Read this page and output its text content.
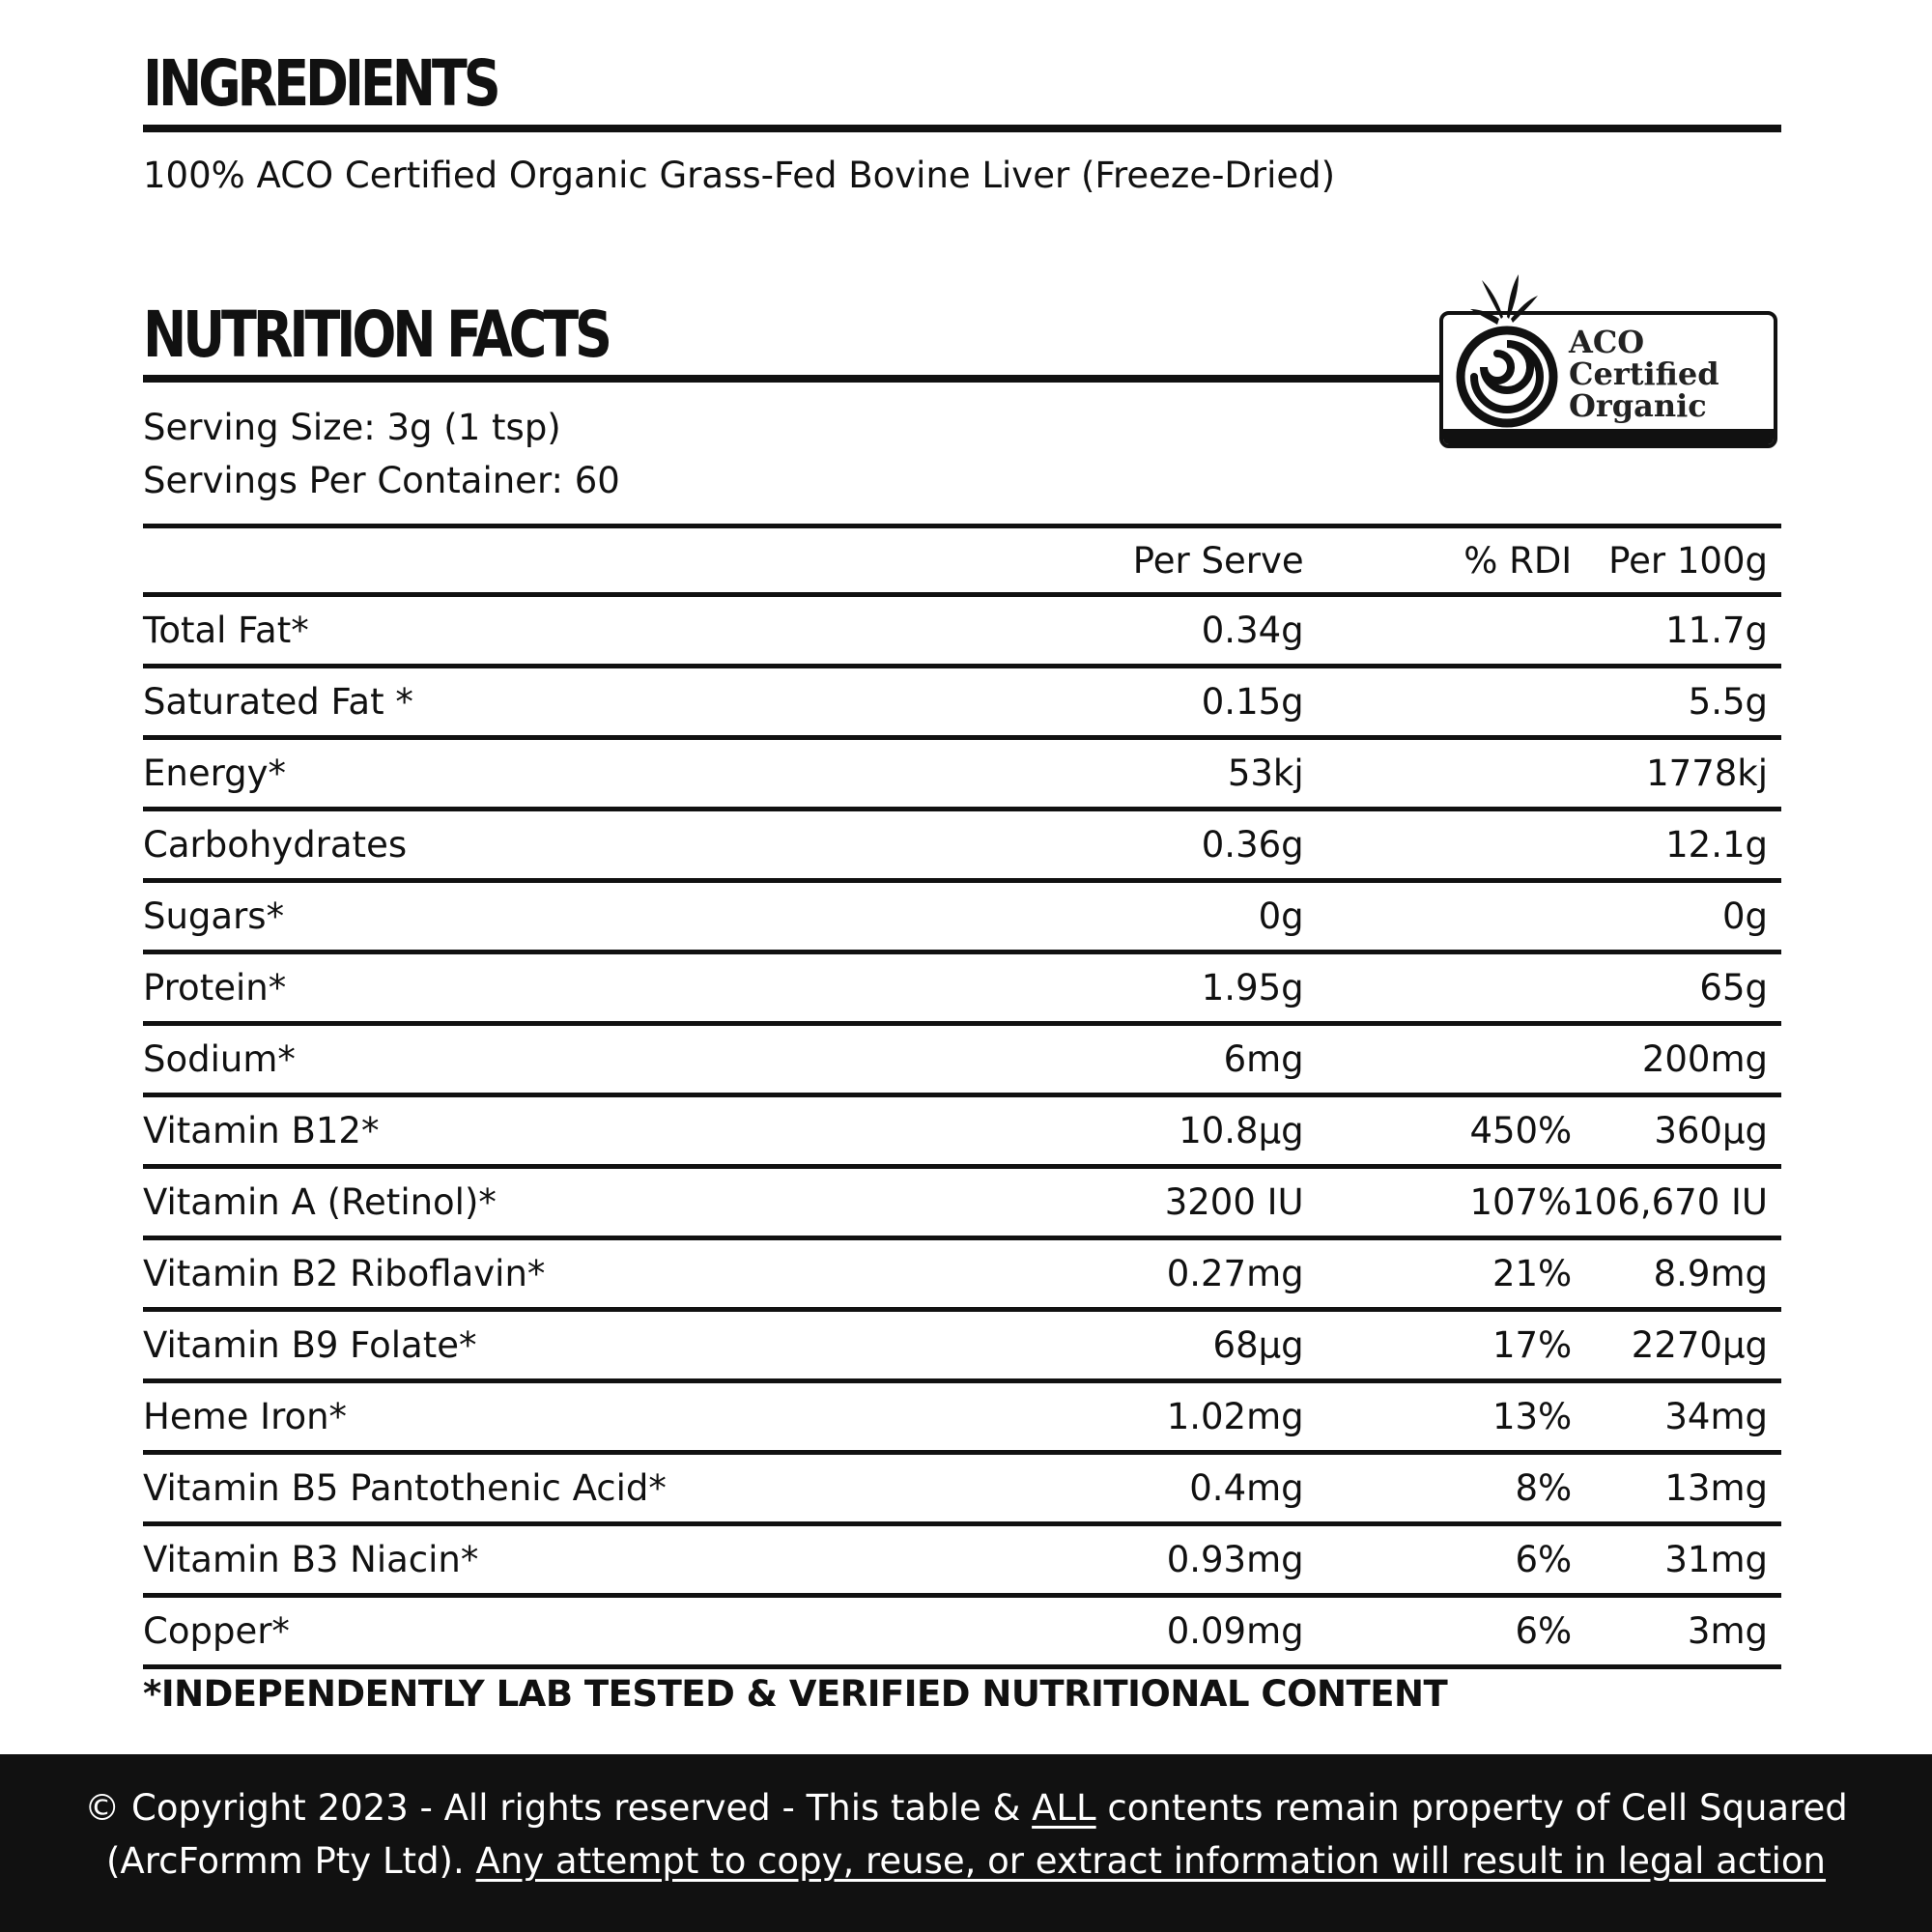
INGREDIENTS
100% ACO Certified Organic Grass-Fed Bovine Liver (Freeze-Dried)
NUTRITION FACTS
Serving Size: 3g (1 tsp)
Servings Per Container: 60
ACO
Certified
Organic
	Per Serve	% RDI	Per 100g
Total Fat*	0.34g		11.7g
Saturated Fat *	0.15g		5.5g
Energy*	53kj		1778kj
Carbohydrates	0.36g		12.1g
Sugars*	0g		0g
Protein*	1.95g		65g
Sodium*	6mg		200mg
Vitamin B12*	10.8µg	450%	360µg
Vitamin A (Retinol)*	3200 IU	107%	106,670 IU
Vitamin B2 Riboflavin*	0.27mg	21%	8.9mg
Vitamin B9 Folate*	68µg	17%	2270µg
Heme Iron*	1.02mg	13%	34mg
Vitamin B5 Pantothenic Acid*	0.4mg	8%	13mg
Vitamin B3 Niacin*	0.93mg	6%	31mg
Copper*	0.09mg	6%	3mg
*INDEPENDENTLY LAB TESTED & VERIFIED NUTRITIONAL CONTENT
© Copyright 2023 - All rights reserved - This table & ALL contents remain property of Cell Squared
(ArcFormm Pty Ltd). Any attempt to copy, reuse, or extract information will result in legal action
